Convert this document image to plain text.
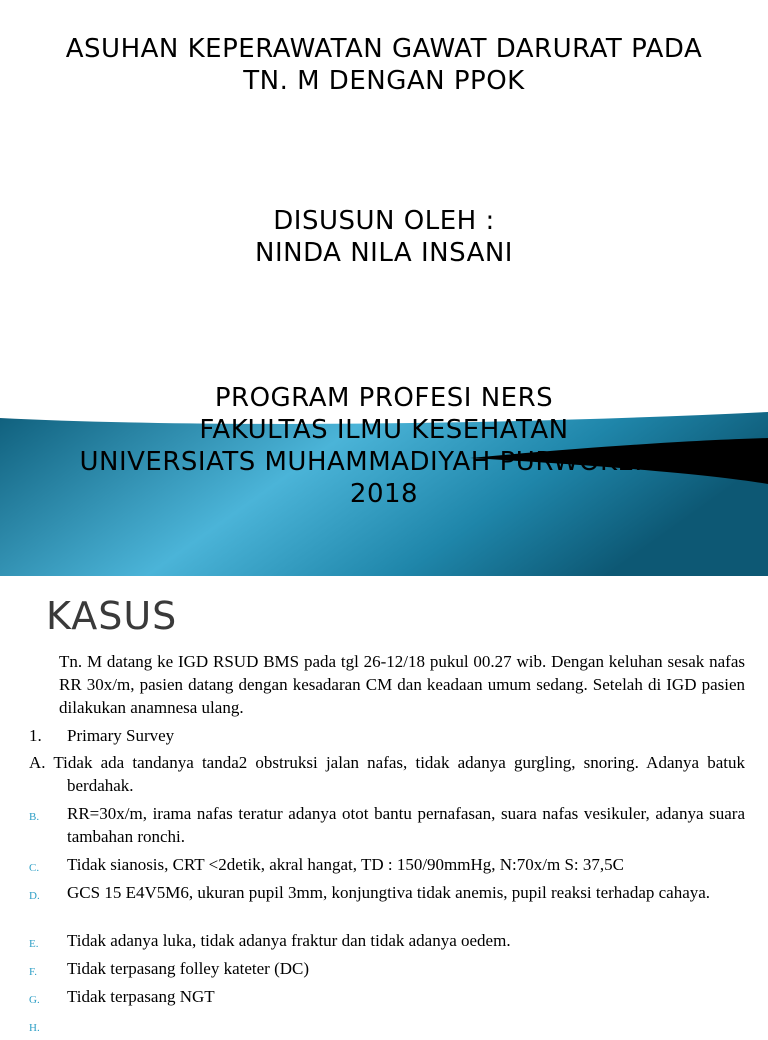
ASUHAN KEPERAWATAN GAWAT DARURAT PADA
TN. M DENGAN PPOK
DISUSUN OLEH :
NINDA NILA INSANI
PROGRAM PROFESI NERS
FAKULTAS ILMU KESEHATAN
UNIVERSIATS MUHAMMADIYAH PURWOKERTO
2018
KASUS
Tn. M datang ke IGD RSUD BMS pada tgl 26-12/18 pukul 00.27 wib. Dengan keluhan sesak nafas RR 30x/m, pasien datang dengan kesadaran CM dan keadaan umum sedang. Setelah di IGD pasien dilakukan anamnesa ulang.
1. Primary Survey
A. Tidak ada tandanya tanda2 obstruksi jalan nafas, tidak adanya gurgling, snoring. Adanya batuk berdahak.
B. RR=30x/m, irama nafas teratur adanya otot bantu pernafasan, suara nafas vesikuler, adanya suara tambahan ronchi.
C. Tidak sianosis, CRT <2detik, akral hangat, TD : 150/90mmHg, N:70x/m S: 37,5C
D. GCS 15 E4V5M6, ukuran pupil 3mm, konjungtiva tidak anemis, pupil reaksi terhadap cahaya.
E. Tidak adanya luka, tidak adanya fraktur dan tidak adanya oedem.
F. Tidak terpasang folley kateter (DC)
G. Tidak terpasang NGT
H.
